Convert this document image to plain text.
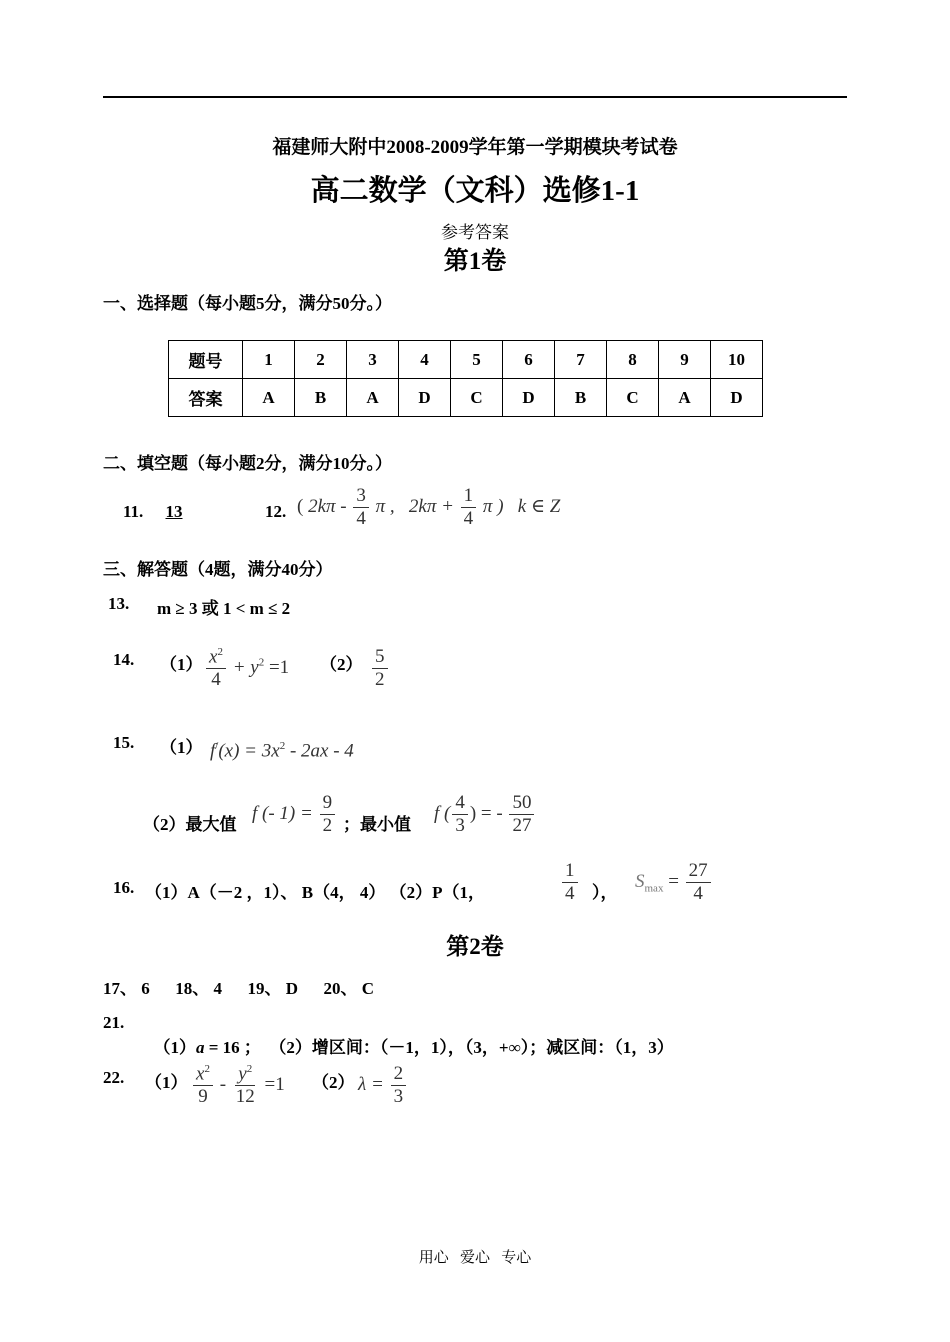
福建师大附中2008-2009学年第一学期模块考试卷
高二数学（文科）选修1-1
参考答案
第1卷
一、选择题（每小题5分，满分50分。）
题号	1	2	3	4	5	6	7	8	9	10
答案	A	B	A	D	C	D	B	C	A	D
二、填空题（每小题2分，满分10分。）
11.	13	12. ( $2k\pi - \frac{3}{4}$ π , $2k\pi + \frac{1}{4}$ π ) k ∈ Z
三、解答题（4题，满分40分）
13. m ≥ 3 或 1 < m ≤ 2
14. $(1) \frac{x^2}{4} + y^2 =1$ $(2) \frac{5}{2}$
15. （1） $f^/(x) = 3x^2 - 2ax - 4$
（2）最大值
f (- $1) = \frac{9}{2}$ ；最小值
f ( $\frac{4}{3}$ ) = - $\frac{50}{27}$
16. （1）A（－2 ，1）、 B（4， 4） （2）P（1，	$\frac{1}{4}$ ），
$S_{max} = \frac{27}{4}$
第2卷
17、 6      18、 4      19、 D      20、 C
21.

（1）a = 16 ；  （2）增区间：（－1，1），（3，+∞）；减区间：（1，3）

22. $(1) \frac{x^2}{9} - \frac{y^2}{12} =1$ （2） $\lambda = \frac{2}{3}$
用心   爱心   专心
